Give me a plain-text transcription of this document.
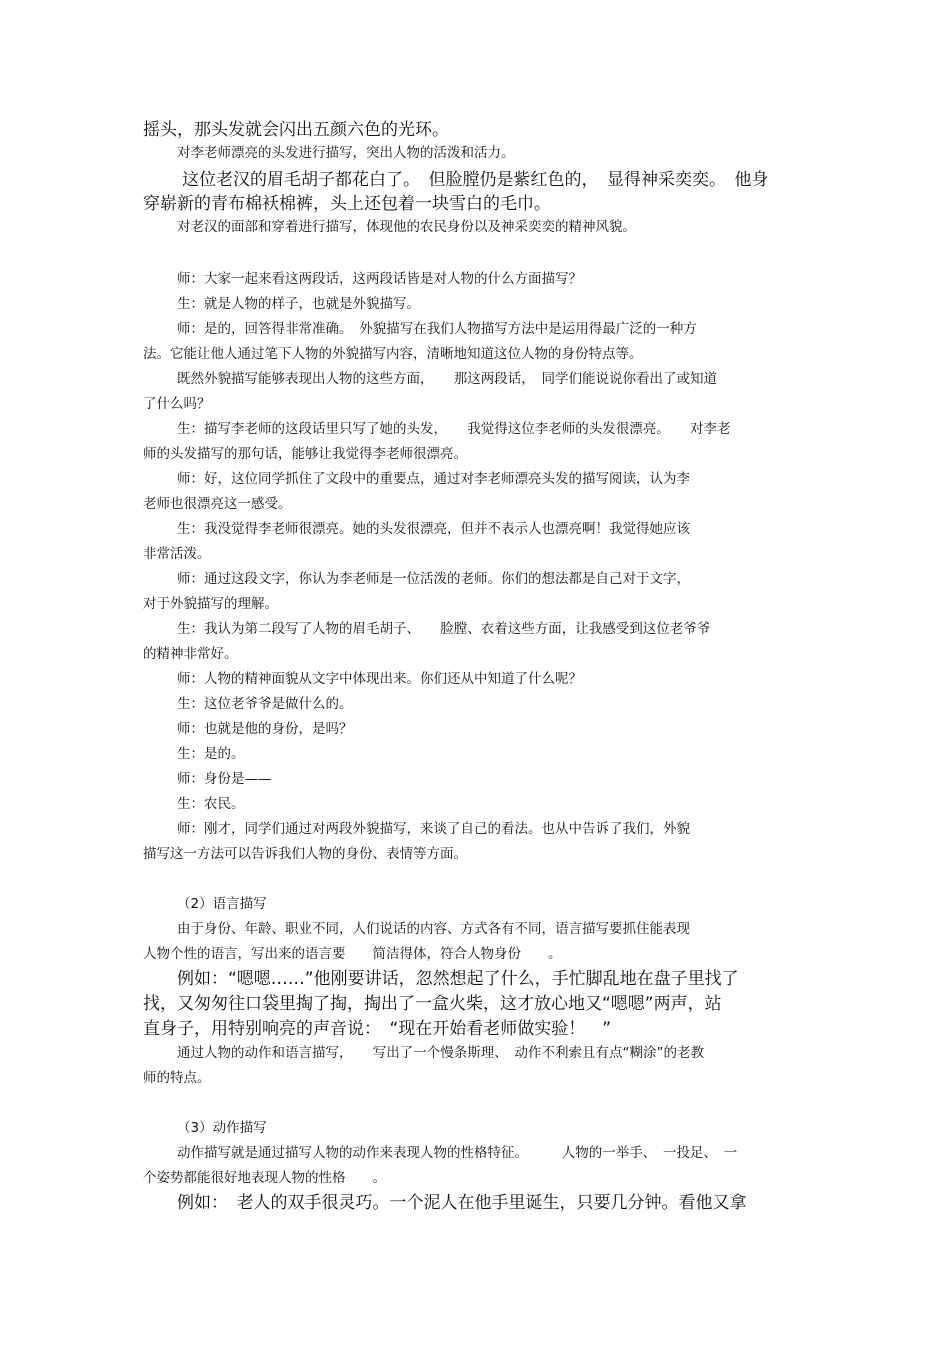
摇头，那头发就会闪出五颜六色的光环。
对李老师漂亮的头发进行描写，突出人物的活泼和活力。
这位老汉的眉毛胡子都花白了。　但脸膛仍是紫红色的，　显得神采奕奕。　他身
穿崭新的青布棉袄棉裤，头上还包着一块雪白的毛巾。
对老汉的面部和穿着进行描写，体现他的农民身份以及神采奕奕的精神风貌。
师：大家一起来看这两段话，这两段话皆是对人物的什么方面描写？
生：就是人物的样子，也就是外貌描写。
师：是的，回答得非常准确。　外貌描写在我们人物描写方法中是运用得最广泛的一种方
法。它能让他人通过笔下人物的外貌描写内容，清晰地知道这位人物的身份特点等。
既然外貌描写能够表现出人物的这些方面，　　那这两段话，　同学们能说说你看出了或知道
了什么吗？
生：描写李老师的这段话里只写了她的头发，　　我觉得这位李老师的头发很漂亮。　　对李老
师的头发描写的那句话，能够让我觉得李老师很漂亮。
师：好，这位同学抓住了文段中的重要点，通过对李老师漂亮头发的描写阅读，认为李
老师也很漂亮这一感受。
生：我没觉得李老师很漂亮。她的头发很漂亮，但并不表示人也漂亮啊！我觉得她应该
非常活泼。
师：通过这段文字，你认为李老师是一位活泼的老师。你们的想法都是自己对于文字，
对于外貌描写的理解。
生：我认为第二段写了人物的眉毛胡子、　　脸膛、衣着这些方面，让我感受到这位老爷爷
的精神非常好。
师：人物的精神面貌从文字中体现出来。你们还从中知道了什么呢？
生：这位老爷爷是做什么的。
师：也就是他的身份，是吗？
生：是的。
师：身份是——
生：农民。
师：刚才，同学们通过对两段外貌描写，来谈了自己的看法。也从中告诉了我们，外貌
描写这一方法可以告诉我们人物的身份、表情等方面。
（2）语言描写
由于身份、年龄、职业不同，人们说话的内容、方式各有不同，语言描写要抓住能表现
人物个性的语言，写出来的语言要　　简洁得体，符合人物身份　　。
例如：“嗯嗯……”他刚要讲话，忽然想起了什么，手忙脚乱地在盘子里找了
找，又匆匆往口袋里掏了掏，掏出了一盒火柴，这才放心地又“嗯嗯”两声，站
直身子，用特别响亮的声音说：　“现在开始看老师做实验！　”
通过人物的动作和语言描写，　　写出了一个慢条斯理、　动作不利索且有点“糊涂”的老教
师的特点。
（3）动作描写
动作描写就是通过描写人物的动作来表现人物的性格特征。　　　人物的一举手、　一投足、　一
个姿势都能很好地表现人物的性格　　。
例如：　老人的双手很灵巧。一个泥人在他手里诞生，只要几分钟。看他又拿
